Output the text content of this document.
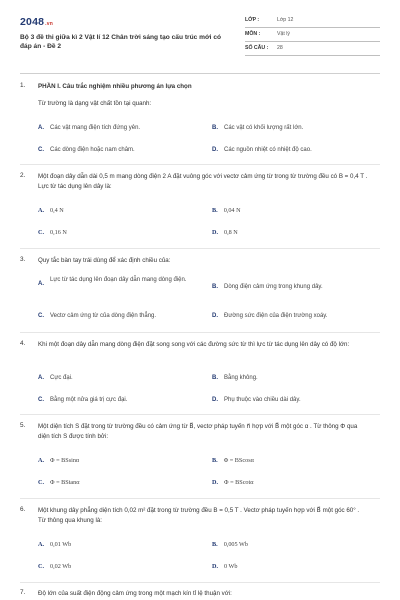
2048.vn
Bộ 3 đề thi giữa kì 2 Vật lí 12 Chân trời sáng tạo cấu trúc mới có đáp án - Đề 2
LỚP :	Lớp 12
MÔN :	Vật lý
SỐ CÂU : 28
1. PHẦN I. Câu trắc nghiệm nhiều phương án lựa chọn
Từ trường là dạng vật chất tồn tại quanh:
A. Các vật mang điện tích đứng yên.	B. Các vật có khối lượng rất lớn.
C. Các dòng điện hoặc nam châm.	D. Các nguồn nhiệt có nhiệt độ cao.
2. Một đoạn dây dẫn dài 0,5 m mang dòng điện 2 A đặt vuông góc với vectơ cảm ứng từ trong từ trường đều có B = 0,4 T . Lực từ tác dụng lên dây là:
A. 0,4 N	B. 0,04 N
C. 0,16 N	D. 0,8 N
3. Quy tắc bàn tay trái dùng để xác định chiều của:
A.
Lực từ tác dụng lên đoạn dây dẫn mang dòng điện.
B. Dòng điện cảm ứng trong khung dây.
C. Vectơ cảm ứng từ của dòng điện thẳng.	D. Đường sức điện của điện trường xoáy.
4. Khi một đoạn dây dẫn mang dòng điện đặt song song với các đường sức từ thì lực từ tác dụng lên dây có độ lớn:
A. Cực đại.	B. Bằng không.
C. Bằng một nửa giá trị cực đại.	D. Phụ thuộc vào chiều dài dây.
5. Một diện tích S đặt trong từ trường đều có cảm ứng từ B⃗, vectơ pháp tuyến n⃗ hợp với B⃗ một góc α . Từ thông Φ qua diện tích S được tính bởi:
A. Φ = BSsinα	B. Φ = BScosα
C. Φ = BStanα	D. Φ = BScotα
6. Một khung dây phẳng diện tích 0,02 m² đặt trong từ trường đều B = 0,5 T . Vectơ pháp tuyến hợp với B⃗ một góc 60° . Từ thông qua khung là:
A. 0,01 Wb	B. 0,005 Wb
C. 0,02 Wb	D. 0 Wb
7. Độ lớn của suất điện động cảm ứng trong một mạch kín tỉ lệ thuận với:
